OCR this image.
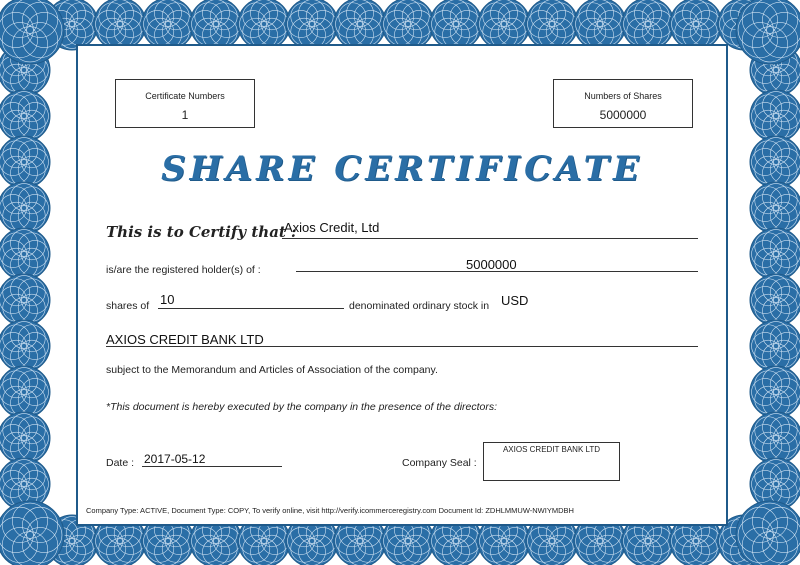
Certificate Numbers
1
Numbers of Shares
5000000
SHARE CERTIFICATE
This is to Certify that :
Axios Credit, Ltd
is/are the registered holder(s) of :	5000000
shares of 10	denominated ordinary stock in USD
AXIOS CREDIT BANK LTD
subject to the Memorandum and Articles of Association of the company.
*This document is hereby executed by the company in the presence of the directors:
Date : 2017-05-12	Company Seal :
AXIOS CREDIT BANK LTD
Company Type: ACTIVE, Document Type: COPY, To verify online, visit http://verify.icommerceregistry.com Document Id: ZDHLMMUW-NWIYMDBH
